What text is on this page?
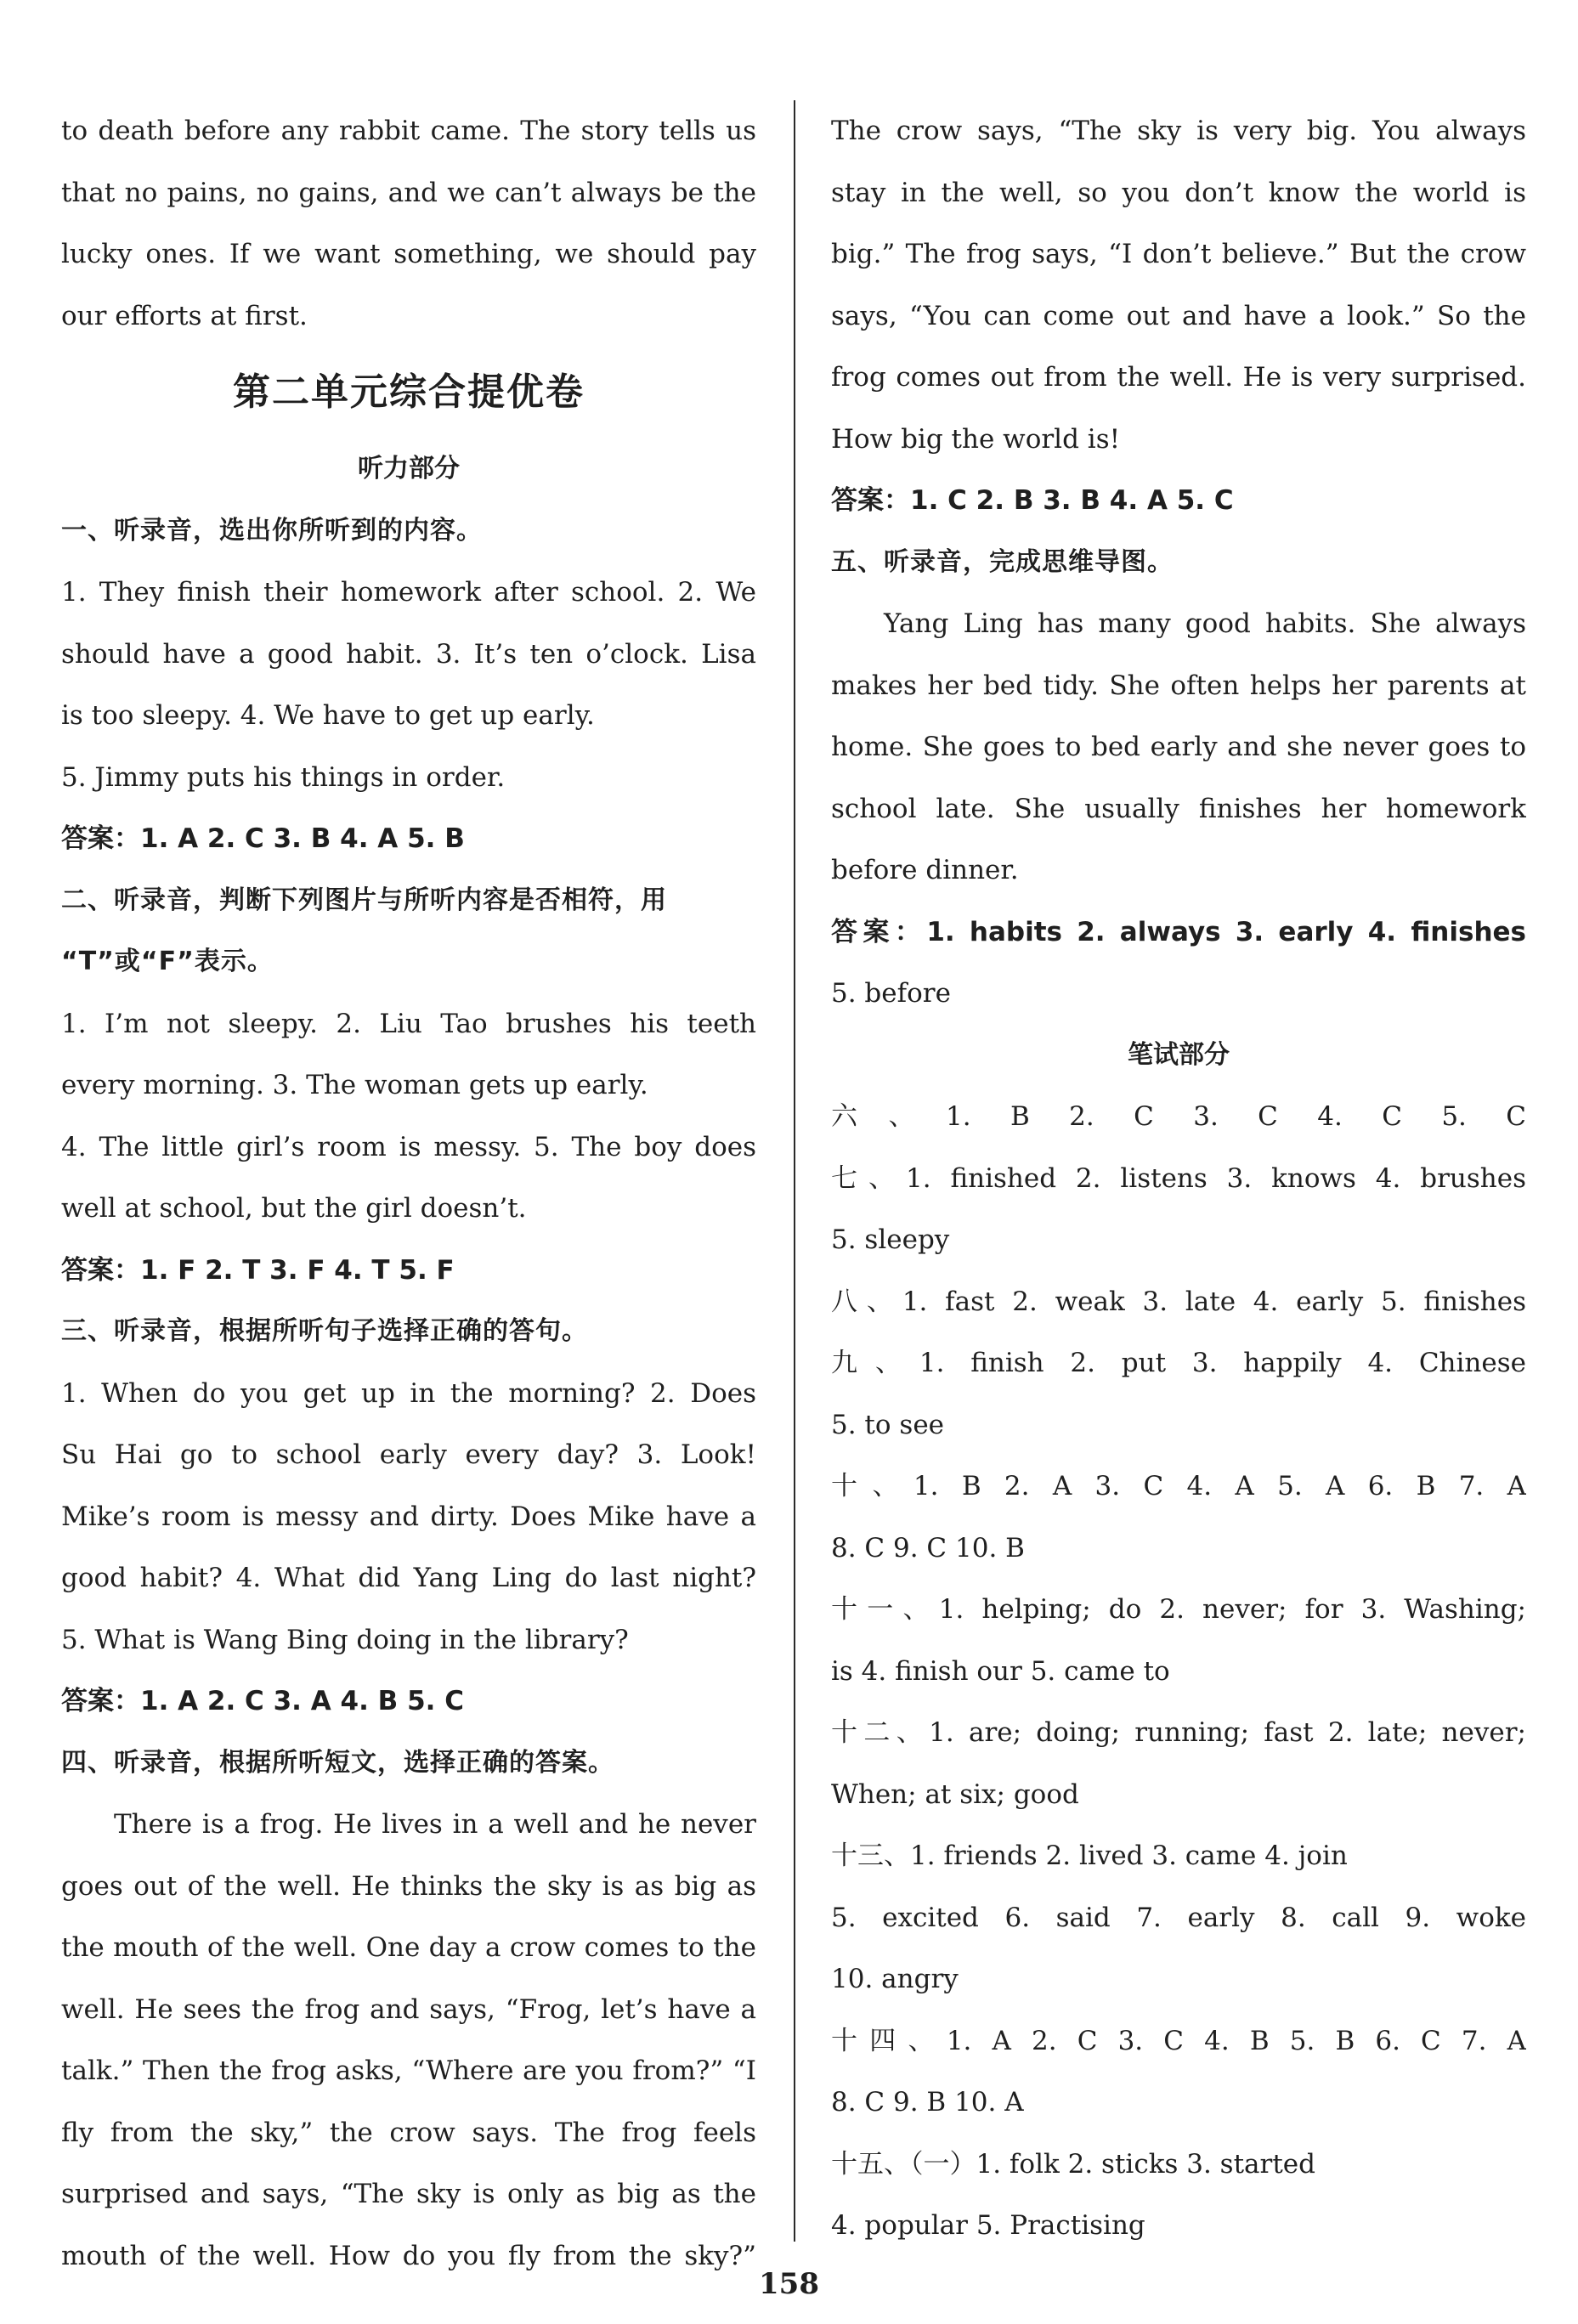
to death before any rabbit came. The story tells us

that no pains, no gains, and we can’t always be the

lucky ones. If we want something, we should pay

our efforts at first.

第二单元综合提优卷
听力部分
一、听录音，选出你所听到的内容。

1. They finish their homework after school. 2. We

should have a good habit. 3. It’s ten o’clock. Lisa

is too sleepy. 4. We have to get up early.

5. Jimmy puts his things in order.

答案：1. A 2. C 3. B 4. A 5. B

二、听录音，判断下列图片与所听内容是否相符，用
“T”或“F”表示。

1. I’m not sleepy. 2. Liu Tao brushes his teeth

every morning. 3. The woman gets up early.

4. The little girl’s room is messy. 5. The boy does

well at school, but the girl doesn’t.

答案：1. F 2. T 3. F 4. T 5. F

三、听录音，根据所听句子选择正确的答句。

1. When do you get up in the morning? 2. Does

Su Hai go to school early every day? 3. Look!

Mike’s room is messy and dirty. Does Mike have a

good habit? 4. What did Yang Ling do last night?

5. What is Wang Bing doing in the library?

答案：1. A 2. C 3. A 4. B 5. C

四、听录音，根据所听短文，选择正确的答案。

There is a frog. He lives in a well and he never

goes out of the well. He thinks the sky is as big as

the mouth of the well. One day a crow comes to the

well. He sees the frog and says, “Frog, let’s have a

talk.” Then the frog asks, “Where are you from?” “I

fly from the sky,” the crow says. The frog feels

surprised and says, “The sky is only as big as the

mouth of the well. How do you fly from the sky?”

The crow says, “The sky is very big. You always

stay in the well, so you don’t know the world is

big.” The frog says, “I don’t believe.” But the crow

says, “You can come out and have a look.” So the

frog comes out from the well. He is very surprised.

How big the world is!

答案：1. C 2. B 3. B 4. A 5. C

五、听录音，完成思维导图。

Yang Ling has many good habits. She always

makes her bed tidy. She often helps her parents at

home. She goes to bed early and she never goes to

school late. She usually finishes her homework

before dinner.

答案：1. habits 2. always 3. early 4. finishes

5. before

笔试部分

六、1. B 2. C 3. C 4. C 5. C

七、1. finished 2. listens 3. knows 4. brushes

5. sleepy

八、1. fast 2. weak 3. late 4. early 5. finishes

九、1. finish 2. put 3. happily 4. Chinese

5. to see

十、1. B 2. A 3. C 4. A 5. A 6. B 7. A

8. C 9. C 10. B

十一、1. helping; do 2. never; for 3. Washing;

is 4. finish our 5. came to

十二、1. are; doing; running; fast 2. late; never;

When; at six; good

十三、1. friends 2. lived 3. came 4. join

5. excited 6. said 7. early 8. call 9. woke

10. angry

十四、1. A 2. C 3. C 4. B 5. B 6. C 7. A

8. C 9. B 10. A

十五、（一）1. folk 2. sticks 3. started

4. popular 5. Practising

158
